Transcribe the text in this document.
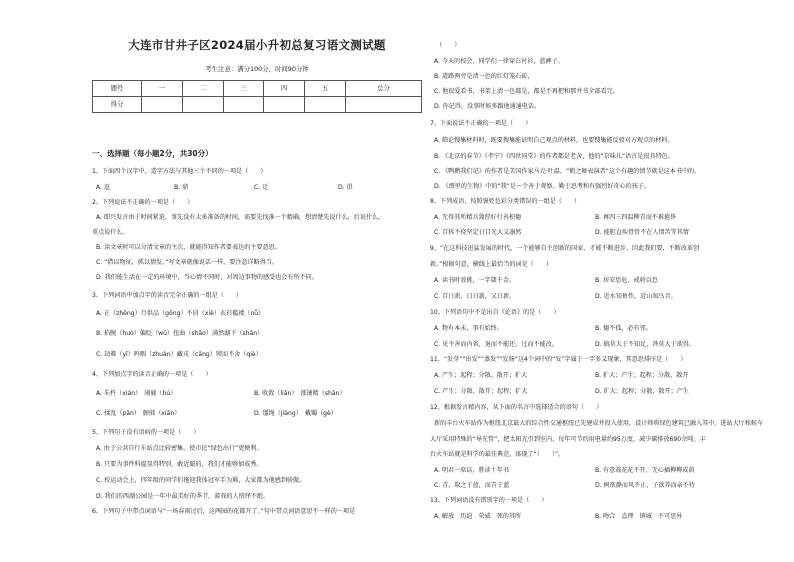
大连市甘井子区2024届小升初总复习语文测试题
考生注意：满分100分，时间90分钟
题号	一	二	三	四	五	总分
得分						
一、选择题（每小题2分，共30分）
1、下面四个汉字中，造字方法与其他三个不同的一项是（　　）
A. 逗	B. 鼎	C. 迁	D. 俱
2、下列说法不正确的一项是（　　）
A. 即兴发言由于时间紧迫，事先没有太多准备的时间，需要先找准一个精确，想清楚先说什么，后说什么，
重点说什么。
B. 读文章时可以分清文章的主次，就能得知作者要表达的主要意思。
C. “借以物征，抓以情发。”写文章就像说话一样，要注意详略得当。
D. 我们能生活在一定的环境中，当心情不同时，对周边事物的感受也会有所不同。
3、下列词语中加点字的读音完全正确的一组是（　　）
A. 正（zhēng）月供品（gōng）不屑（xiè）衣衫褴褛（nǚ）
B. 掐腕（huò）偏眨（wū）扭曲（shāo）满然湖下（shān）
C. 劫难（yī）呜咽（zhuàn）藏戎（cāng）锲而不舍（qiè）
4、下列加点字的读音正确的一项是（　　）
A. 朱杵（xián）　闹鹿（hú）	B. 收敛（liǎn）　涨铺精（shān）
C. 揉乱（pān）　腑肺（xiān）	D. 缰绳（jiàng）　戴镯（gè）
5、下列句子没有语病的一项是（　　）
A. 由于公共自行车站点比较密集，使市民“绿色出行”更便利。
B. 只要为事件科提显得特别，敢近聪的，我们才能够加成秀。
C. 校运动会上，四年级的同学们拖迎我体冠军手为难，大家都为他感到骄傲。
D. 我们的西湖公园是一年中最美好的季节，游戏的人络绎不绝。
6、下列句子中带点词语与“一场春雨过后，这两园的花都开了。”句中带点词语意思不一样的一项是
（　　）
A. 今天的校会，同学们一律穿白衬衫，蓝裤子。
B. 道路两旁是清一色的红灯笼石砖，
C. 他很爱看书，书架上清一色都是，都是不再把和那并书全部看完。
D. 你记得，没事时候多跟他通通电话。
7、下面说法不正确的一项是（　　）
A. 筛论搜集材料时，既要搜集能证明自己观点的材料，也要搜集能反驳对方观点的材料。
B. 《北京的春节》《孝宁》《四世同堂》的作者都是老舍，他的“京味儿”语言是很具特色。
C. 《鸭鹅我们记》的作者是美国作家马克·吐温，“鹤之舞表演者”这个有趣的情节就是这本书中的。
D. 《漂里的生物》中的“我”是一个善于观察、勤于思考和有强烈好奇心的孩子。
8、下列成语，按照褒贬色彩分类错误的一组是（　　）
A. 无得其所精兵敛厚好行善积德	B. 再四三四温柳青而不难倦侈
C. 百拆不挠坚定日目光大义凛然	D. 能胆直疾骨骨不在人情苦等其情
9、“在这科技迅猛发展的时代，一个能够自主创新的国家，才能不断进步。因此我们要，不断改革创
新。”根据句意，横线上最恰当的词是（　　）
A. 读书时效挑，一字箴千金。	B. 居安思危，戒骄以怠
C. 百日新，日日新，又日新。	D. 近水知鱼性，近山知鸟音。
10、下列语句中不是出自《论语》的是（　　）
A. 物有本末，事有始终。	B. 德不孤，必有邻。
C. 见不善而内省，退而不能还，过而不能改。	D. 搞莫大于不知足，咎莫大于欲得。
11、“发芽”“出发”“蒸发”“发扬”这4个词中的“发”字属于一字多义现象，其意思排序是（　　）
A. 产生；起程；分散、散开；扩大	B. 扩大；产生；起程；分散、散开
C. 产生；分散、散开；起程；扩大	D. 扩大；起程；分散、散开；产生
12、根据发言精内容，从下面的名言中选择适合的语句（　　）
新的丰台火车站作为枢纽北京最大的综合性交通枢纽已先建成并投入使用。设计师将绿色建筑已融入其中。进站大厅和候车
大厅采用特殊的“导光管”，把太阳光引到室内，每年可节约用电量约95万度，减少碳排放690余吨。丰
台火车站就是科学的最佳典范，体现了“（　　）”。
A. 明君一席话，胜读十年书	B. 有意栽花花不开，无心插柳柳成荫
C. 青，取之于蓝，而青于蓝	D. 树欲静而风不止，子欲养而亲不待
13、下列词语没有错别字的一项是（　　）
A. 解放　历迫　荣威　死的其所	B. 吻合　直理　镇城　不可思异
